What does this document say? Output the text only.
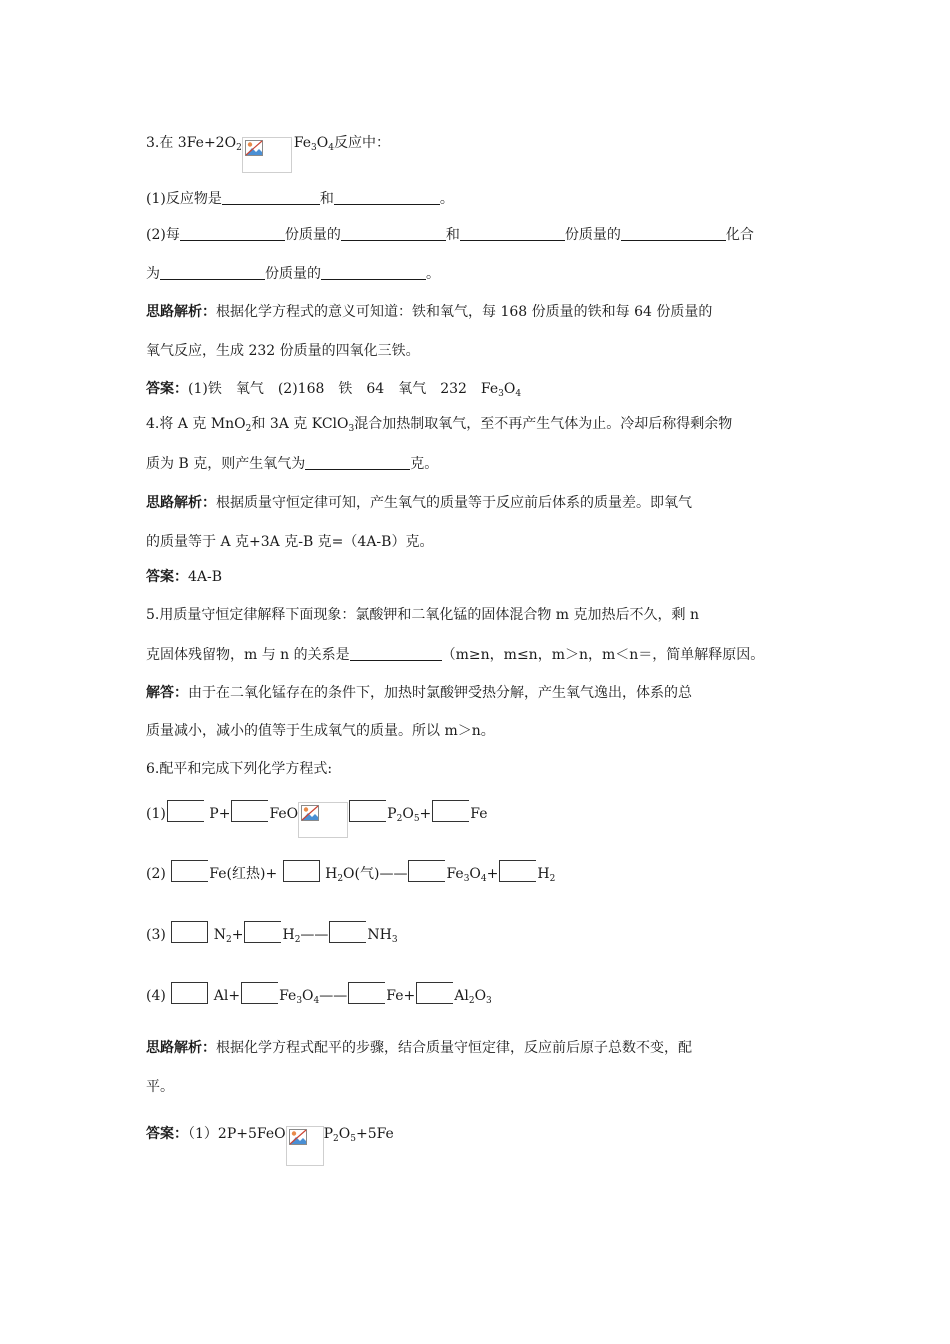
3.在 $3Fe+2O_2$	$Fe_3O_4$反应中：
(1)反应物是	和	。
(2)每	份质量的	和	份质量的	化合
为	份质量的	。
思路解析：根据化学方程式的意义可知道：铁和氧气，每 168 份质量的铁和每 64 份质量的
氧气反应，生成 232 份质量的四氧化三铁。
答案：(1)铁　氧气　(2)168　铁　64　氧气　232　$Fe_3O_4$
4.将 A 克 MnO$_2$和 3A 克 KClO$_3$混合加热制取氧气，至不再产生气体为止。冷却后称得剩余物
质为 B 克，则产生氧气为	克。
思路解析：根据质量守恒定律可知，产生氧气的质量等于反应前后体系的质量差。即氧气
的质量等于 A 克+3A 克-B 克=（4A-B）克。
答案：4A-B
5.用质量守恒定律解释下面现象：氯酸钾和二氧化锰的固体混合物 m 克加热后不久，剩 n
克固体残留物，m 与 n 的关系是	（m≥n，m≤n，m＞n，m＜n＝，简单解释原因。
解答：由于在二氧化锰存在的条件下，加热时氯酸钾受热分解，产生氧气逸出，体系的总
质量减小，减小的值等于生成氧气的质量。所以 m＞n。
6.配平和完成下列化学方程式:
(1)	P+	FeO	$P_2O_5+$	Fe
(2)	Fe(红热)+	$H_2O$(气)——	$Fe_3O_4+$	$H_2$
(3)	$N_2+$	$H_2——$	$NH_3$
(4)	Al+	$Fe_3O_4——$	Fe+	$Al_2O_3$
思路解析：根据化学方程式配平的步骤，结合质量守恒定律，反应前后原子总数不变，配
平。
答案：（1）2P+5FeO	$P_2O_5+5Fe$
